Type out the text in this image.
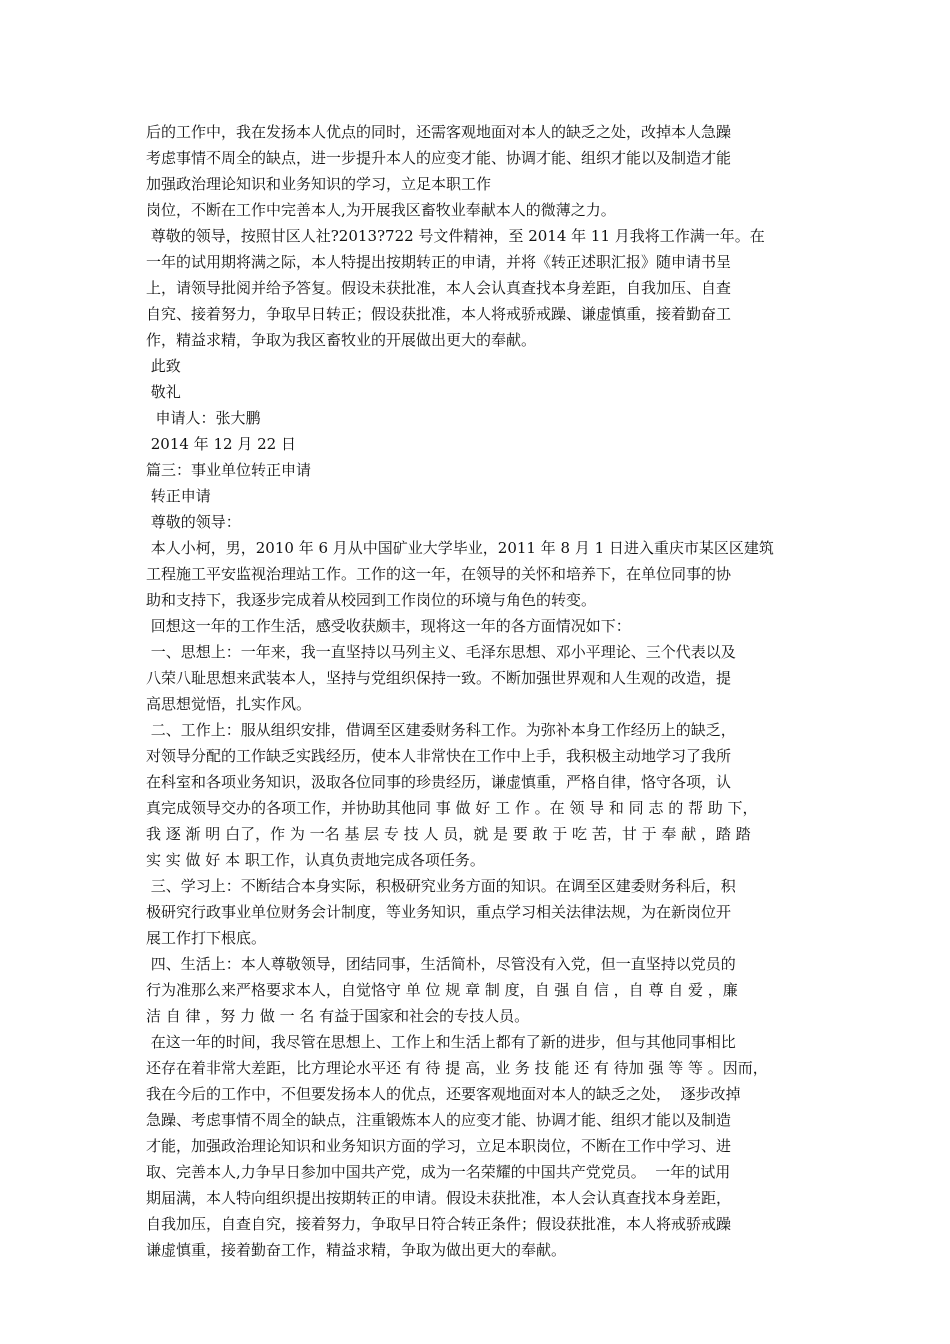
后的工作中，我在发扬本人优点的同时，还需客观地面对本人的缺乏之处，改掉本人急躁
考虑事情不周全的缺点，进一步提升本人的应变才能、协调才能、组织才能以及制造才能
加强政治理论知识和业务知识的学习，立足本职工作
岗位，不断在工作中完善本人,为开展我区畜牧业奉献本人的微薄之力。
尊敬的领导，按照甘区人社?2013?722 号文件精神，至 2014 年 11 月我将工作满一年。在
一年的试用期将满之际，本人特提出按期转正的申请，并将《转正述职汇报》随申请书呈
上，请领导批阅并给予答复。假设未获批准，本人会认真查找本身差距，自我加压、自查
自究、接着努力，争取早日转正；假设获批准，本人将戒骄戒躁、谦虚慎重，接着勤奋工
作，精益求精，争取为我区畜牧业的开展做出更大的奉献。
此致
敬礼
申请人：张大鹏
2014 年 12 月 22 日
篇三：事业单位转正申请
转正申请
尊敬的领导：
本人小柯，男，2010 年 6 月从中国矿业大学毕业，2011 年 8 月 1 日进入重庆市某区区建筑
工程施工平安监视治理站工作。工作的这一年，在领导的关怀和培养下，在单位同事的协
助和支持下，我逐步完成着从校园到工作岗位的环境与角色的转变。
回想这一年的工作生活，感受收获颇丰，现将这一年的各方面情况如下：
一、思想上：一年来，我一直坚持以马列主义、毛泽东思想、邓小平理论、三个代表以及
八荣八耻思想来武装本人，坚持与党组织保持一致。不断加强世界观和人生观的改造，提
高思想觉悟，扎实作风。
二、工作上：服从组织安排，借调至区建委财务科工作。为弥补本身工作经历上的缺乏，
对领导分配的工作缺乏实践经历，使本人非常快在工作中上手，我积极主动地学习了我所
在科室和各项业务知识，汲取各位同事的珍贵经历，谦虚慎重，严格自律，恪守各项，认
真完成领导交办的各项工作，并协助其他同 事 做 好 工 作 。在 领 导 和 同 志 的 帮 助 下，
我 逐 渐 明 白了，作 为 一名 基 层 专 技 人 员，就 是 要 敢 于 吃 苦，甘 于 奉 献 ，踏 踏
实 实 做 好 本 职工作，认真负责地完成各项任务。
三、学习上：不断结合本身实际，积极研究业务方面的知识。在调至区建委财务科后，积
极研究行政事业单位财务会计制度，等业务知识，重点学习相关法律法规，为在新岗位开
展工作打下根底。
四、生活上：本人尊敬领导，团结同事，生活简朴，尽管没有入党，但一直坚持以党员的
行为准那么来严格要求本人，自觉恪守 单 位 规 章 制 度，自 强 自 信 ，自 尊 自 爱 ，廉
洁 自 律 ，努 力 做 一 名 有益于国家和社会的专技人员。
在这一年的时间，我尽管在思想上、工作上和生活上都有了新的进步，但与其他同事相比
还存在着非常大差距，比方理论水平还 有 待 提 高，业 务 技 能 还 有 待加 强 等 等 。因而，
我在今后的工作中，不但要发扬本人的优点，还要客观地面对本人的缺乏之处，  逐步改掉
急躁、考虑事情不周全的缺点，注重锻炼本人的应变才能、协调才能、组织才能以及制造
才能，加强政治理论知识和业务知识方面的学习，立足本职岗位，不断在工作中学习、进
取、完善本人,力争早日参加中国共产党，成为一名荣耀的中国共产党党员。  一年的试用
期届满，本人特向组织提出按期转正的申请。假设未获批准，本人会认真查找本身差距，
自我加压，自查自究，接着努力，争取早日符合转正条件；假设获批准，本人将戒骄戒躁
谦虚慎重，接着勤奋工作，精益求精，争取为做出更大的奉献。
